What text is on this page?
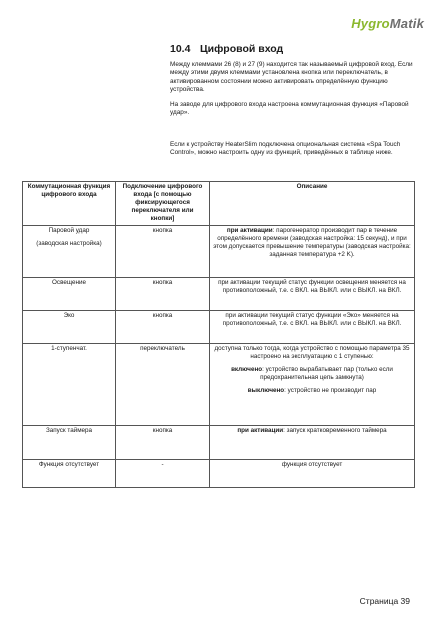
HygroMatik
10.4 Цифровой вход

Между клеммами 26 (8) и 27 (9) находится так называемый цифровой вход. Если между этими двумя клеммами установлена кнопка или переключатель, в активированном состоянии можно активировать определённую функцию устройства.

На заводе для цифрового входа настроена коммутационная функция «Паровой удар».

Если к устройству HeaterSlim подключена опциональная система «Spa Touch Control», можно настроить одну из функций, приведённых в таблице ниже.

Коммутационная функция цифрового входа	Подключение цифрового входа [с помощью фиксирующегося переключателя или кнопки]	Описание

Паровой удар
(заводская настройка)	кнопка	при активации: парогенератор производит пар в течение определённого времени (заводская настройка: 15 секунд), и при этом допускается превышение температуры (заводская настройка: заданная температура +2 K).
Освещение	кнопка	при активации текущий статус функции освещения меняется на противоположный, т.е. с ВКЛ. на ВЫКЛ. или с ВЫКЛ. на ВКЛ.
Эко	кнопка	при активации текущий статус функции «Эко» меняется на противоположный, т.е. с ВКЛ. на ВЫКЛ. или с ВЫКЛ. на ВКЛ.
1-ступенчат.	переключатель	доступна только тогда, когда устройство с помощью параметра 35 настроено на эксплуатацию с 1 ступенью:
включено: устройство вырабатывает пар (только если предохранительная цепь замкнута)
выключено: устройство не производит пар

Запуск таймера	кнопка	при активации: запуск кратковременного таймера
Функция отсутствует	-	функция отсутствует
Страница 39
